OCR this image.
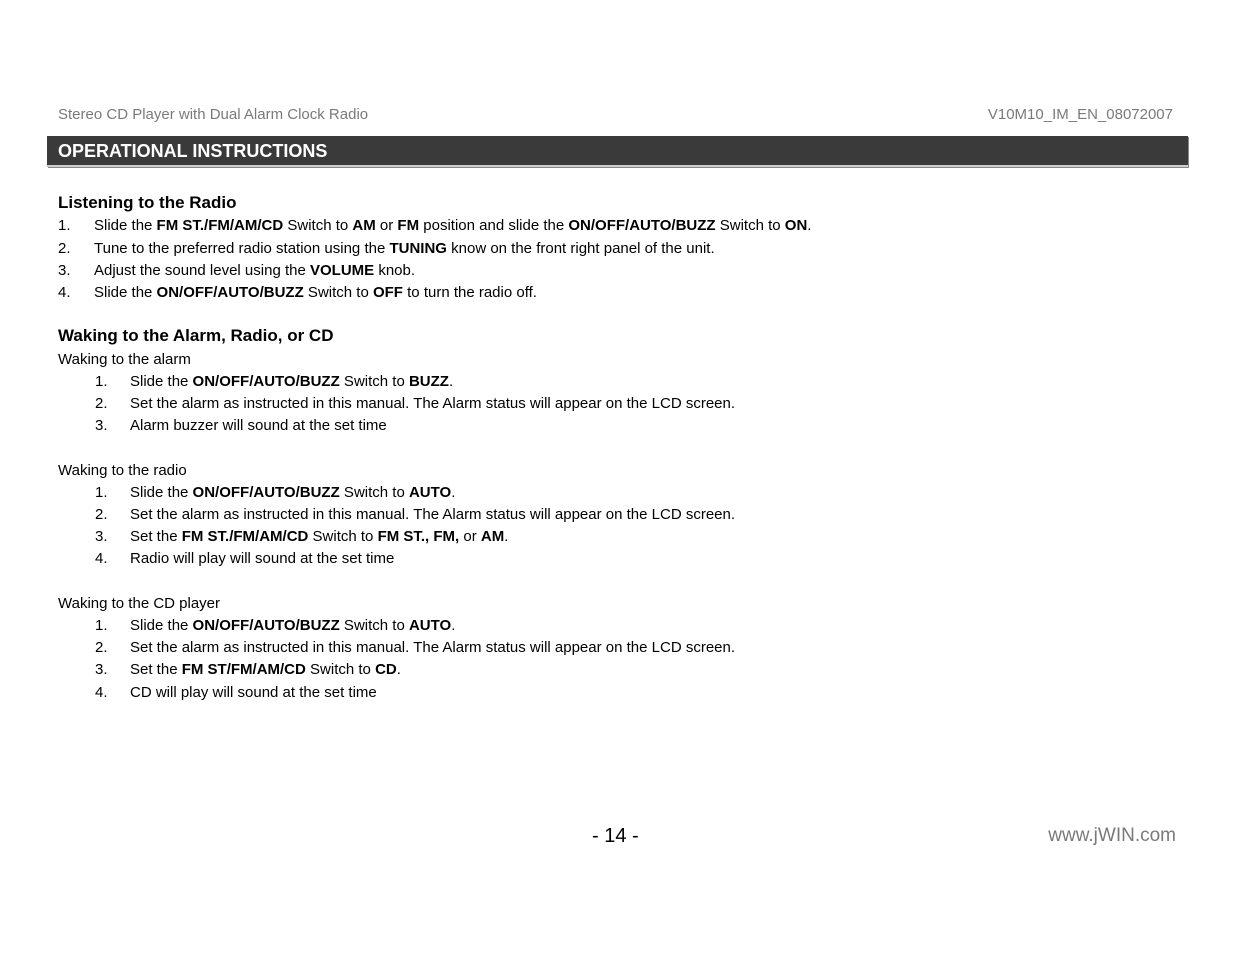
Stereo CD Player with Dual Alarm Clock Radio	V10M10_IM_EN_08072007
OPERATIONAL INSTRUCTIONS
Listening to the Radio
1. Slide the FM ST./FM/AM/CD Switch to AM or FM position and slide the ON/OFF/AUTO/BUZZ Switch to ON.
2. Tune to the preferred radio station using the TUNING know on the front right panel of the unit.
3. Adjust the sound level using the VOLUME knob.
4. Slide the ON/OFF/AUTO/BUZZ Switch to OFF to turn the radio off.
Waking to the Alarm, Radio, or CD
Waking to the alarm
1. Slide the ON/OFF/AUTO/BUZZ Switch to BUZZ.
2. Set the alarm as instructed in this manual. The Alarm status will appear on the LCD screen.
3. Alarm buzzer will sound at the set time
Waking to the radio
1. Slide the ON/OFF/AUTO/BUZZ Switch to AUTO.
2. Set the alarm as instructed in this manual. The Alarm status will appear on the LCD screen.
3. Set the FM ST./FM/AM/CD Switch to FM ST., FM, or AM.
4. Radio will play will sound at the set time
Waking to the CD player
1. Slide the ON/OFF/AUTO/BUZZ Switch to AUTO.
2. Set the alarm as instructed in this manual. The Alarm status will appear on the LCD screen.
3. Set the FM ST/FM/AM/CD Switch to CD.
4. CD will play will sound at the set time
- 14 -	www.jWIN.com
